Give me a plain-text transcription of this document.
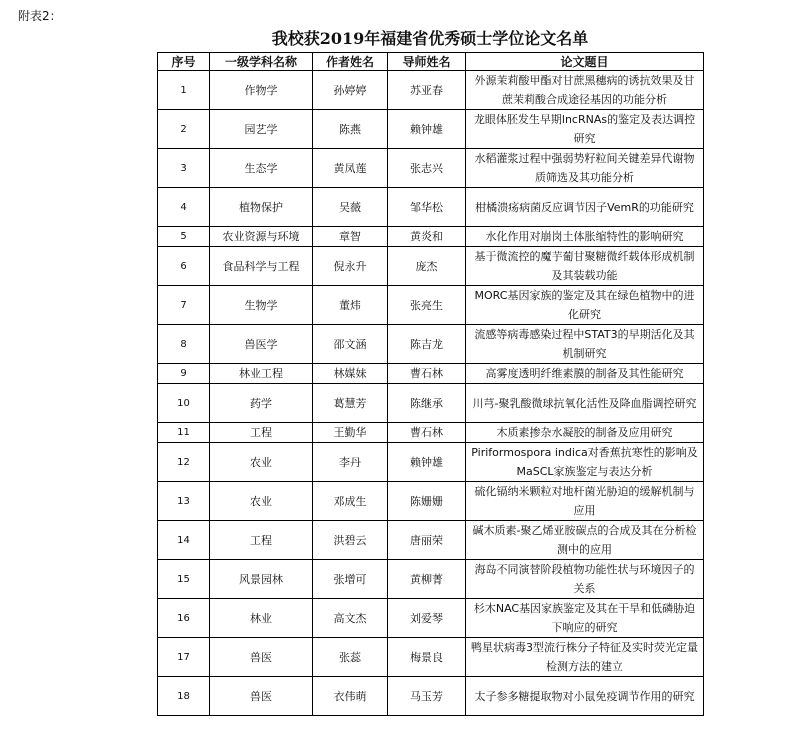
附表2：
我校获2019年福建省优秀硕士学位论文名单
序号	一级学科名称	作者姓名	导师姓名	论文题目
1	作物学	孙婷婷	苏亚春	外源茉莉酸甲酯对甘蔗黑穗病的诱抗效果及甘蔗茉莉酸合成途径基因的功能分析
2	园艺学	陈燕	赖钟雄	龙眼体胚发生早期lncRNAs的鉴定及表达调控研究
3	生态学	黄凤莲	张志兴	水稻灌浆过程中强弱势籽粒间关键差异代谢物质筛选及其功能分析
4	植物保护	吴薇	邹华松	柑橘溃疡病菌反应调节因子VemR的功能研究
5	农业资源与环境	章智	黄炎和	水化作用对崩岗土体胀缩特性的影响研究
6	食品科学与工程	倪永升	庞杰	基于微流控的魔芋葡甘聚糖微纤载体形成机制及其装载功能
7	生物学	董炜	张亮生	MORC基因家族的鉴定及其在绿色植物中的进化研究
8	兽医学	邵文涵	陈吉龙	流感等病毒感染过程中STAT3的早期活化及其机制研究
9	林业工程	林媒妹	曹石林	高雾度透明纤维素膜的制备及其性能研究
10	药学	葛慧芳	陈继承	川芎-聚乳酸微球抗氧化活性及降血脂调控研究
11	工程	王勤华	曹石林	木质素掺杂水凝胶的制备及应用研究
12	农业	李丹	赖钟雄	Piriformospora indica对香蕉抗寒性的影响及MaSCL家族鉴定与表达分析
13	农业	邓成生	陈姗姗	硫化镉纳米颗粒对地杆菌光胁迫的缓解机制与应用
14	工程	洪碧云	唐丽荣	碱木质素-聚乙烯亚胺碳点的合成及其在分析检测中的应用
15	风景园林	张增可	黄柳菁	海岛不同演替阶段植物功能性状与环境因子的关系
16	林业	高文杰	刘爱琴	杉木NAC基因家族鉴定及其在干旱和低磷胁迫下响应的研究
17	兽医	张蕊	梅景良	鸭星状病毒3型流行株分子特征及实时荧光定量检测方法的建立
18	兽医	衣伟萌	马玉芳	太子参多糖提取物对小鼠免疫调节作用的研究
